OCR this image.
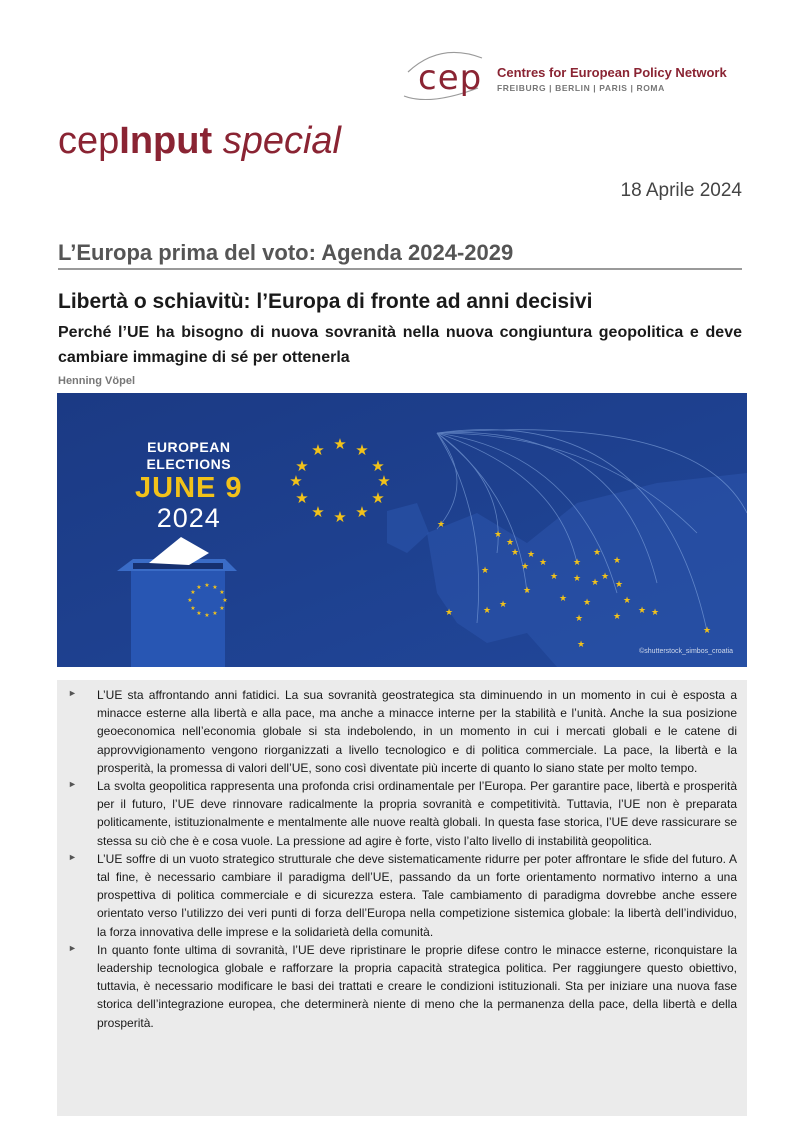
cep Centres for European Policy Network
FREIBURG | BERLIN | PARIS | ROMA
cepInput special
18 Aprile 2024
L’Europa prima del voto: Agenda 2024-2029
Libertà o schiavitù: l’Europa di fronte ad anni decisivi
Perché l’UE ha bisogno di nuova sovranità nella nuova congiuntura geopolitica e deve cambiare immagine di sé per ottenerla
Henning Vöpel
★ ★
★
★
★
★
★
★
★
★
★
★
★
★
★
★
★
★
★
★
★
★
★
★ ★
★
★
★ ★
★
★
★
★
★
★
★
★
★
★
★
★
★
★
★
★
★
★
★
★
★
★
★ ★
EUROPEAN
ELECTIONS
JUNE 9
2024
©shutterstock_simbos_croatia
► L’UE sta affrontando anni fatidici. La sua sovranità geostrategica sta diminuendo in un momento in cui è esposta a minacce esterne alla libertà e alla pace, ma anche a minacce interne per la stabilità e l’unità. Anche la sua posizione geoeconomica nell’economia globale si sta indebolendo, in un momento in cui i mercati globali e le catene di approvvigionamento vengono riorganizzati a livello tecnologico e di politica commerciale. La pace, la libertà e la prosperità, la promessa di valori dell’UE, sono così diventate più incerte di quanto lo siano state per molto tempo.
► La svolta geopolitica rappresenta una profonda crisi ordinamentale per l’Europa. Per garantire pace, libertà e prosperità per il futuro, l’UE deve rinnovare radicalmente la propria sovranità e competitività. Tuttavia, l’UE non è preparata politicamente, istituzionalmente e mentalmente alle nuove realtà globali. In questa fase storica, l’UE deve rassicurare se stessa su ciò che è e cosa vuole. La pressione ad agire è forte, visto l’alto livello di instabilità geopolitica.
► L’UE soffre di un vuoto strategico strutturale che deve sistematicamente ridurre per poter affrontare le sfide del futuro. A tal fine, è necessario cambiare il paradigma dell’UE, passando da un forte orientamento normativo interno a una prospettiva di politica commerciale e di sicurezza estera. Tale cambiamento di paradigma dovrebbe anche essere orientato verso l’utilizzo dei veri punti di forza dell’Europa nella competizione sistemica globale: la libertà dell’individuo, la forza innovativa delle imprese e la solidarietà della comunità.
► In quanto fonte ultima di sovranità, l’UE deve ripristinare le proprie difese contro le minacce esterne, riconquistare la leadership tecnologica globale e rafforzare la propria capacità strategica politica. Per raggiungere questo obiettivo, tuttavia, è necessario modificare le basi dei trattati e creare le condizioni istituzionali. Sta per iniziare una nuova fase storica dell’integrazione europea, che determinerà niente di meno che la permanenza della pace, della libertà e della prosperità.
